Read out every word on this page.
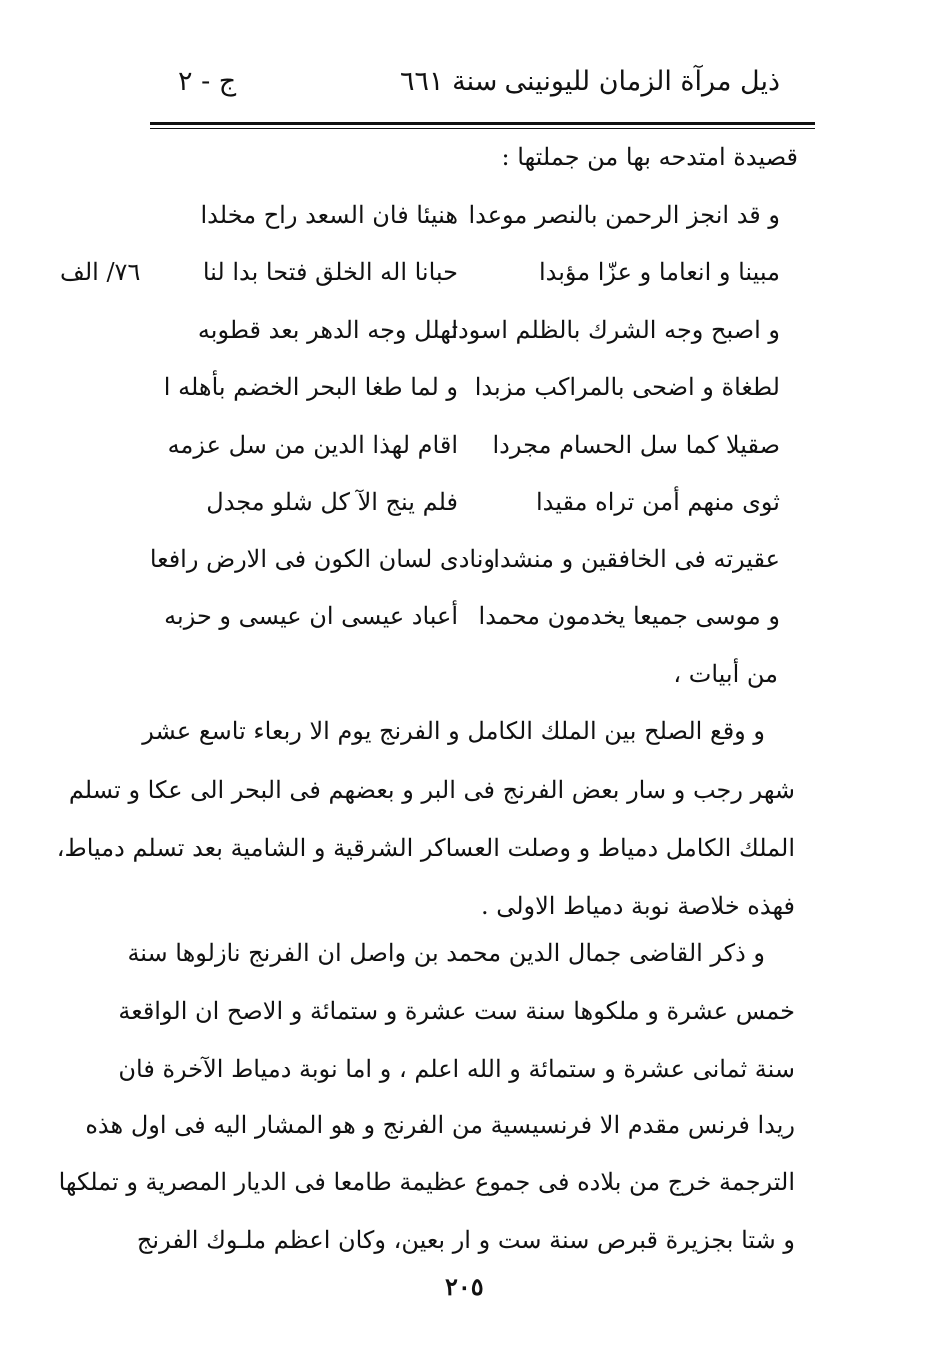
ذيل مرآة الزمان لليونينى
سنة ٦٦١
ج - ٢
قصيدة امتدحه بها من جملتها :
٧٦/ الف
هنيئا فان السعد راح مخلدا و قد انجز الرحمن بالنصر موعدا
حبانا اله الخلق فتحا بدا لنا	مبينا و انعاما و عزّا مؤبدا
تهلل وجه الدهر بعد قطوبه
و اصبح وجه الشرك بالظلم اسودا
و لما طغا البحر الخضم بأهله ا لطغاة و اضحى بالمراكب مزبدا
اقام لهذا الدين من سل عزمه	صقيلا كما سل الحسام مجردا
فلم ينج الآ كل شلو مجدل	ثوى منهم أمن تراه مقيدا
ونادى لسان الكون فى الارض رافعا
عقيرته فى الخافقين و منشدا
أعباد عيسى ان عيسى و حزبه و موسى جميعا يخدمون محمدا
من أبيات ،
و وقع الصلح بين الملك الكامل و الفرنج يوم الا ربعاء تاسع عشر
شهر رجب و سار بعض الفرنج فى البر و بعضهم فى البحر الى عكا و تسلم
الملك الكامل دمياط و وصلت العساكر الشرقية و الشامية بعد تسلم دمياط،
فهذه خلاصة نوبة دمياط الاولى .
و ذكر القاضى جمال الدين محمد بن واصل ان الفرنج نازلوها سنة
خمس عشرة و ملكوها سنة ست عشرة و ستمائة و الاصح ان الواقعة
سنة ثمانى عشرة و ستمائة و الله اعلم ، و اما نوبة دمياط الآخرة فان
ريدا فرنس مقدم الا فرنسيسية من الفرنج و هو المشار اليه فى اول هذه
الترجمة خرج من بلاده فى جموع عظيمة طامعا فى الديار المصرية و تملكها
و شتا بجزيرة قبرص سنة ست و ار بعين، وكان اعظم ملـوك الفرنج
٢٠٥
